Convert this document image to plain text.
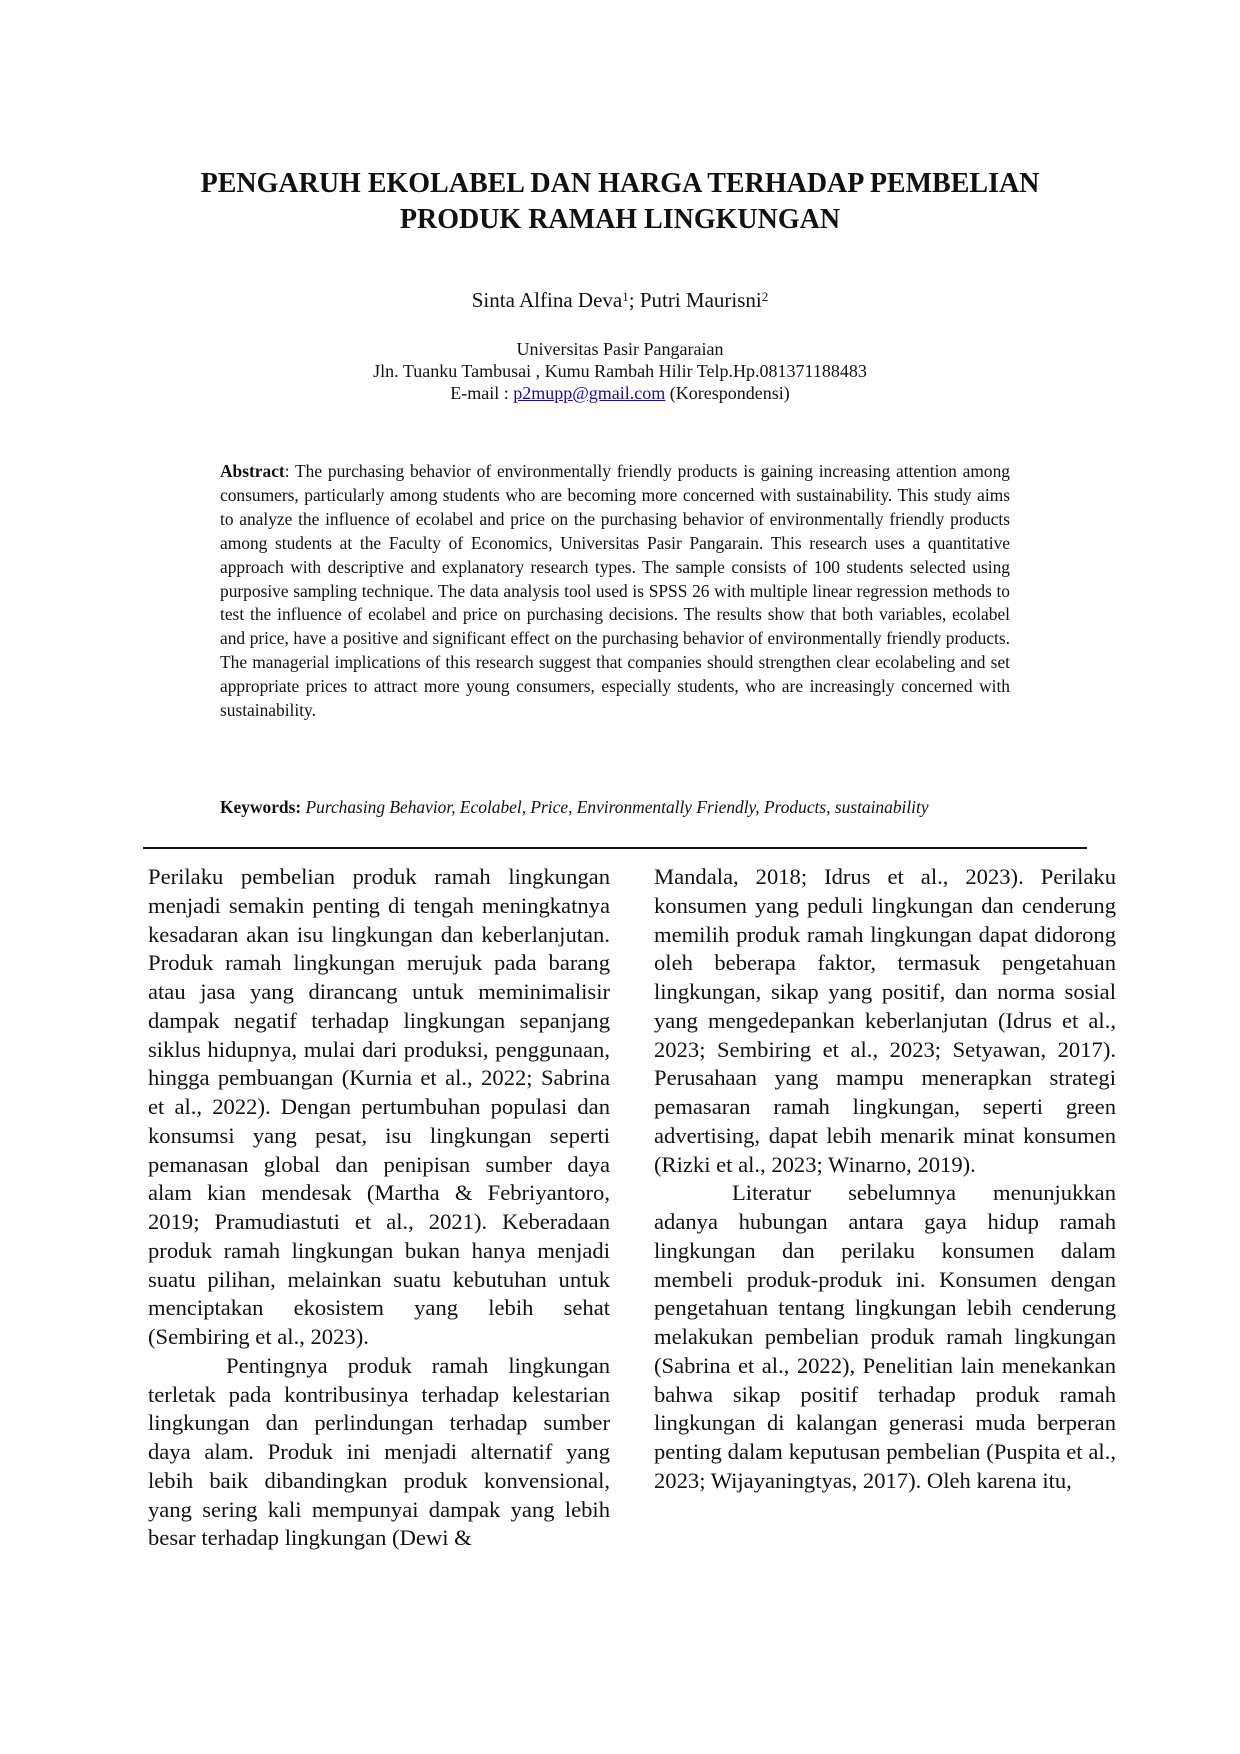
PENGARUH EKOLABEL DAN HARGA TERHADAP PEMBELIAN
PRODUK RAMAH LINGKUNGAN
Sinta Alfina Deva$^1$; Putri Maurisni$^2$
Universitas Pasir Pangaraian
Jln. Tuanku Tambusai , Kumu Rambah Hilir Telp.Hp.081371188483
E-mail : p2mupp@gmail.com (Korespondensi)

Abstract: The purchasing behavior of environmentally friendly products is gaining increasing attention among consumers, particularly among students who are becoming more concerned with sustainability. This study aims to analyze the influence of ecolabel and price on the purchasing behavior of environmentally friendly products among students at the Faculty of Economics, Universitas Pasir Pangarain. This research uses a quantitative approach with descriptive and explanatory research types. The sample consists of 100 students selected using purposive sampling technique. The data analysis tool used is SPSS 26 with multiple linear regression methods to test the influence of ecolabel and price on purchasing decisions. The results show that both variables, ecolabel and price, have a positive and significant effect on the purchasing behavior of environmentally friendly products. The managerial implications of this research suggest that companies should strengthen clear ecolabeling and set appropriate prices to attract more young consumers, especially students, who are increasingly concerned with sustainability.

Keywords: Purchasing Behavior, Ecolabel, Price, Environmentally Friendly, Products, sustainability

Perilaku pembelian produk ramah lingkungan menjadi semakin penting di tengah meningkatnya kesadaran akan isu lingkungan dan keberlanjutan. Produk ramah lingkungan merujuk pada barang atau jasa yang dirancang untuk meminimalisir dampak negatif terhadap lingkungan sepanjang siklus hidupnya, mulai dari produksi, penggunaan, hingga pembuangan (Kurnia et al., 2022; Sabrina et al., 2022). Dengan pertumbuhan populasi dan konsumsi yang pesat, isu lingkungan seperti pemanasan global dan penipisan sumber daya alam kian mendesak (Martha & Febriyantoro, 2019; Pramudiastuti et al., 2021). Keberadaan produk ramah lingkungan bukan hanya menjadi suatu pilihan, melainkan suatu kebutuhan untuk menciptakan ekosistem yang lebih sehat (Sembiring et al., 2023).

Pentingnya produk ramah lingkungan terletak pada kontribusinya terhadap kelestarian lingkungan dan perlindungan terhadap sumber daya alam. Produk ini menjadi alternatif yang lebih baik dibandingkan produk konvensional, yang sering kali mempunyai dampak yang lebih besar terhadap lingkungan (Dewi &

Mandala, 2018; Idrus et al., 2023). Perilaku konsumen yang peduli lingkungan dan cenderung memilih produk ramah lingkungan dapat didorong oleh beberapa faktor, termasuk pengetahuan lingkungan, sikap yang positif, dan norma sosial yang mengedepankan keberlanjutan (Idrus et al., 2023; Sembiring et al., 2023; Setyawan, 2017). Perusahaan yang mampu menerapkan strategi pemasaran ramah lingkungan, seperti green advertising, dapat lebih menarik minat konsumen (Rizki et al., 2023; Winarno, 2019).

Literatur sebelumnya menunjukkan adanya hubungan antara gaya hidup ramah lingkungan dan perilaku konsumen dalam membeli produk-produk ini. Konsumen dengan pengetahuan tentang lingkungan lebih cenderung melakukan pembelian produk ramah lingkungan (Sabrina et al., 2022), Penelitian lain menekankan bahwa sikap positif terhadap produk ramah lingkungan di kalangan generasi muda berperan penting dalam keputusan pembelian (Puspita et al., 2023; Wijayaningtyas, 2017). Oleh karena itu,
